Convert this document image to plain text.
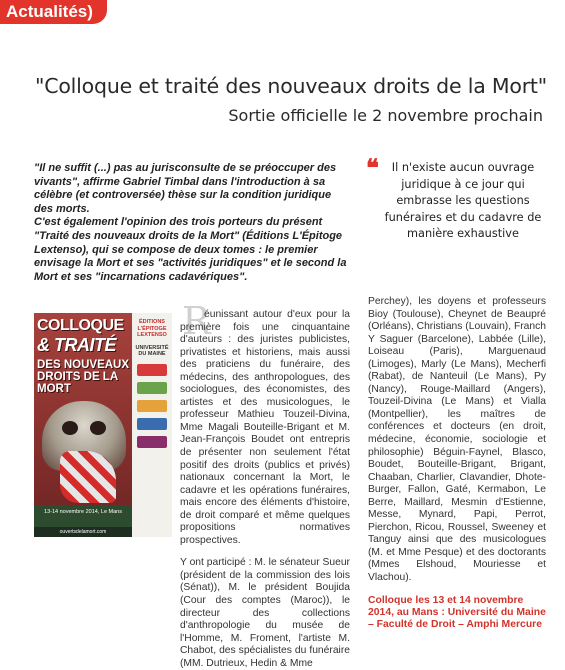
Actualités)
"Colloque et traité des nouveaux droits de la Mort"
Sortie officielle le 2 novembre prochain

"Il ne suffit (...) pas au jurisconsulte de se préoccuper des vivants", affirme Gabriel Timbal dans l'introduction à sa célèbre (et controversée) thèse sur la condition juridique des morts.

C'est également l'opinion des trois porteurs du présent "Traité des nouveaux droits de la Mort" (Éditions L'Épitoge Lextenso), qui se compose de deux tomes : le premier envisage la Mort et ses "activités juridiques" et le second la Mort et ses "incarnations cadavériques".

❝ Il n'existe aucun ouvrage juridique à ce jour qui embrasse les questions funéraires et du cadavre de manière exhaustive
COLLOQUE
& TRAITÉ
DES NOUVEAUX DROITS DE LA MORT
13-14 novembre 2014, Le Mans
ouvertsdelamort.com
ÉDITIONS L'ÉPITOGE LEXTENSO
UNIVERSITÉ DU MAINE
R

éunissant autour d'eux pour la première fois une cinquantaine d'auteurs : des juristes publicistes, privatistes et historiens, mais aussi des praticiens du funéraire, des médecins, des anthropologues, des sociologues, des économistes, des artistes et des musicologues, le professeur Mathieu Touzeil-Divina, Mme Magali Bouteille-Brigant et M. Jean-François Boudet ont entrepris de présenter non seulement l'état positif des droits (publics et privés) nationaux concernant la Mort, le cadavre et les opérations funéraires, mais encore des éléments d'histoire, de droit comparé et même quelques propositions normatives prospectives.

Y ont participé : M. le sénateur Sueur (président de la commission des lois (Sénat)), M. le président Boujida (Cour des comptes (Maroc)), le directeur des collections d'anthropologie du musée de l'Homme, M. Froment, l'artiste M. Chabot, des spécialistes du funéraire (MM. Dutrieux, Hedin & Mme

Perchey), les doyens et professeurs Bioy (Toulouse), Cheynet de Beaupré (Orléans), Christians (Louvain), Franch Y Saguer (Barcelone), Labbée (Lille), Loiseau (Paris), Marguenaud (Limoges), Marly (Le Mans), Mecherfi (Rabat), de Nanteuil (Le Mans), Py (Nancy), Rouge-Maillard (Angers), Touzeil-Divina (Le Mans) et Vialla (Montpellier), les maîtres de conférences et docteurs (en droit, médecine, économie, sociologie et philosophie) Béguin-Faynel, Blasco, Boudet, Bouteille-Brigant, Brigant, Chaaban, Charlier, Clavandier, Dhote-Burger, Fallon, Gaté, Kermabon, Le Berre, Maillard, Mesmin d'Estienne, Messe, Mynard, Papi, Perrot, Pierchon, Ricou, Roussel, Sweeney et Tanguy ainsi que des musicologues (M. et Mme Pesque) et des doctorants (Mmes Elshoud, Mouriesse et Vlachou).

Colloque les 13 et 14 novembre 2014, au Mans : Université du Maine – Faculté de Droit – Amphi Mercure
